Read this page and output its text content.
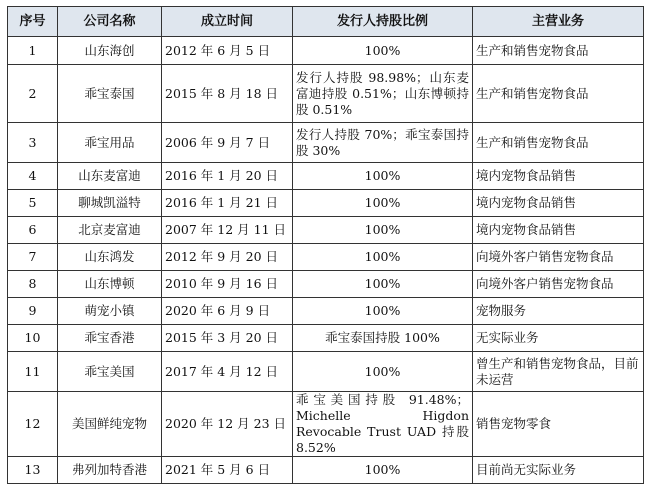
序号	公司名称	成立时间	发行人持股比例	主营业务
1	山东海创	2012 年 6 月 5 日	100%	生产和销售宠物食品
2	乖宝泰国	2015 年 8 月 18 日	发行人持股 98.98%；山东麦富迪持股 0.51%；山东博顿持股 0.51%	生产和销售宠物食品
3	乖宝用品	2006 年 9 月 7 日	发行人持股 70%；乖宝泰国持股 30%	生产和销售宠物食品
4	山东麦富迪	2016 年 1 月 20 日	100%	境内宠物食品销售
5	聊城凯溢特	2016 年 1 月 21 日	100%	境内宠物食品销售
6	北京麦富迪	2007 年 12 月 11 日	100%	境内宠物食品销售
7	山东鸿发	2012 年 9 月 20 日	100%	向境外客户销售宠物食品
8	山东博顿	2010 年 9 月 16 日	100%	向境外客户销售宠物食品
9	萌宠小镇	2020 年 6 月 9 日	100%	宠物服务
10	乖宝香港	2015 年 3 月 20 日	乖宝泰国持股 100%	无实际业务
11	乖宝美国	2017 年 4 月 12 日	100%	曾生产和销售宠物食品，目前未运营
12	美国鲜纯宠物	2020 年 12 月 23 日	乖宝美国持股 91.48%；Michelle Higdon Revocable Trust UAD 持股 8.52%	销售宠物零食
13	弗列加特香港	2021 年 5 月 6 日	100%	目前尚无实际业务
